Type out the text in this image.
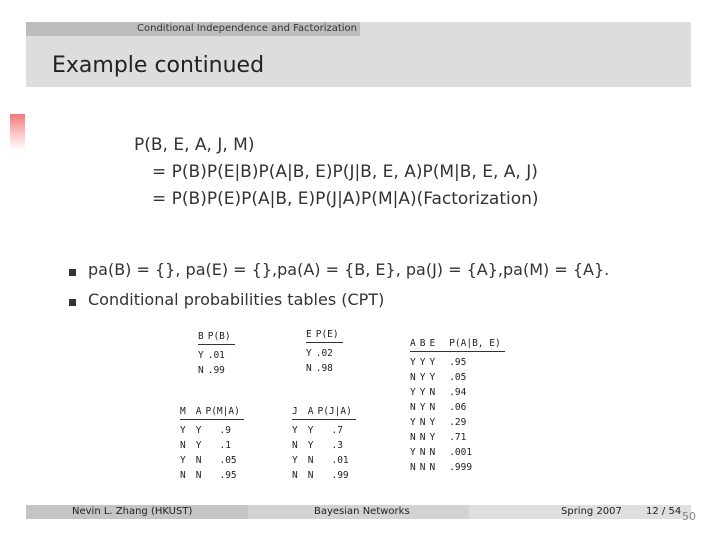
Conditional Independence and Factorization
Example continued
P(B, E, A, J, M)
= P(B)P(E|B)P(A|B, E)P(J|B, E, A)P(M|B, E, A, J)
= P(B)P(E)P(A|B, E)P(J|A)P(M|A)(Factorization)
pa(B) = {}, pa(E) = {},pa(A) = {B, E}, pa(J) = {A},pa(M) = {A}.
Conditional probabilities tables (CPT)
B	P(B)
Y	.01
N	.99
E	P(E)
Y	.02
N	.98
A	B	E	P(A|B, E)
Y	Y	Y	.95
N	Y	Y	.05
Y	Y	N	.94
N	Y	N	.06
Y	N	Y	.29
N	N	Y	.71
Y	N	N	.001
N	N	N	.999
M	A	P(M|A)
Y	Y	.9
N	Y	.1
Y	N	.05
N	N	.95
J	A	P(J|A)
Y	Y	.7
N	Y	.3
Y	N	.01
N	N	.99
Nevin L. Zhang (HKUST)	Bayesian Networks	Spring 2007 12 / 54 50
